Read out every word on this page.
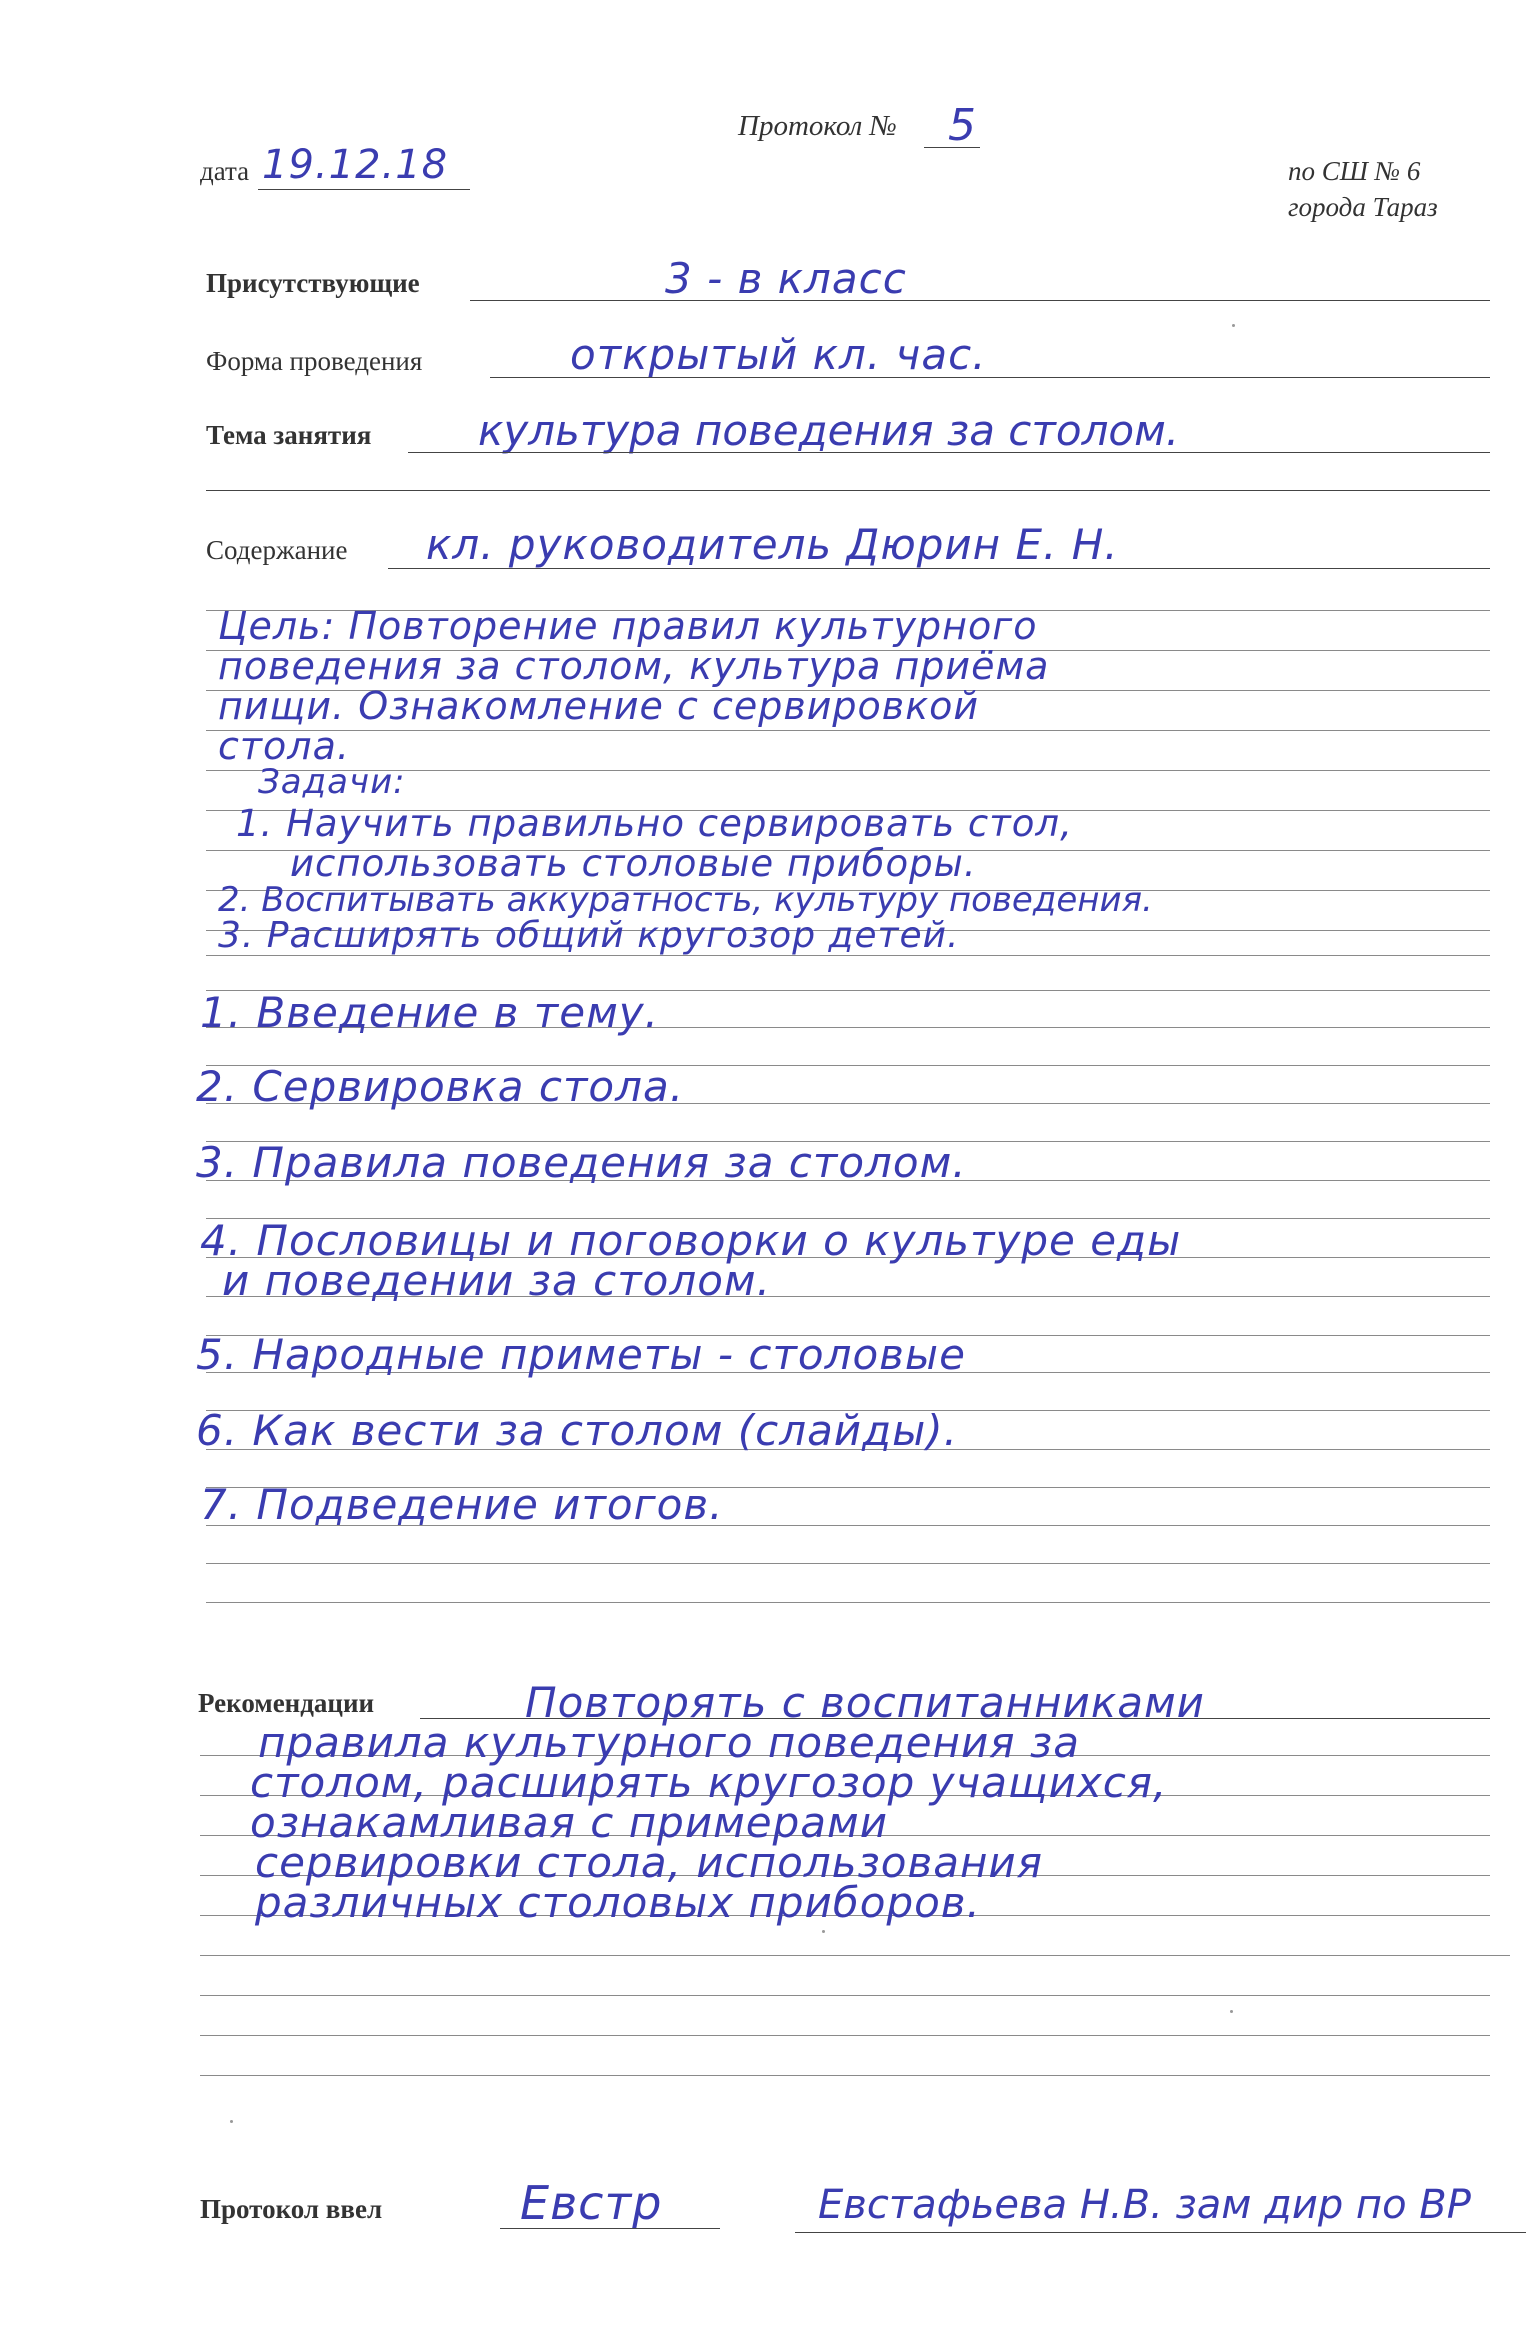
Протокол № 5
дата 19.12.18	по СШ № 6
города Тараз
Присутствующие	3 - в класс
Форма проведения	открытый кл. час.
Тема занятия	культура поведения за столом.
Содержание кл. руководитель Дюрин Е. Н.
Цель: Повторение правил культурного
поведения за столом, культура приёма
пищи. Ознакомление с сервировкой
стола.
Задачи:
1. Научить правильно сервировать стол,
использовать столовые приборы.
2. Воспитывать аккуратность, культуру поведения.
3. Расширять общий кругозор детей.
1. Введение в тему.
2. Сервировка стола.
3. Правила поведения за столом.
4. Пословицы и поговорки о культуре еды
и поведении за столом.
5. Народные приметы - столовые
6. Как вести за столом (слайды).
7. Подведение итогов.
Рекомендации	Повторять с воспитанниками
правила культурного поведения за
столом, расширять кругозор учащихся,
ознакамливая с примерами
сервировки стола, использования
различных столовых приборов.
Протокол ввел	Евстр	Евстафьева Н.В. зам дир по ВР
